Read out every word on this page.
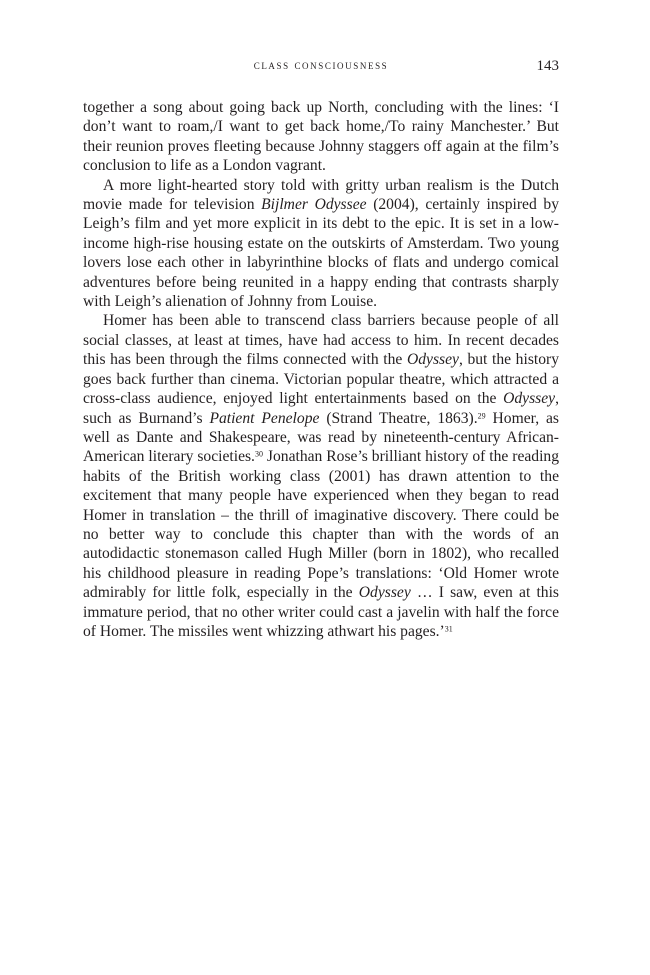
class consciousness	143

together a song about going back up North, concluding with the lines: ‘I don’t want to roam,/I want to get back home,/To rainy Manchester.’ But their reunion proves fleeting because Johnny staggers off again at the film’s conclusion to life as a London vagrant.

A more light-hearted story told with gritty urban realism is the Dutch movie made for television Bijlmer Odyssee (2004), certainly inspired by Leigh’s film and yet more explicit in its debt to the epic. It is set in a low-income high-rise housing estate on the outskirts of Amsterdam. Two young lovers lose each other in labyrinthine blocks of flats and undergo comical adventures before being reunited in a happy ending that contrasts sharply with Leigh’s alienation of Johnny from Louise.

Homer has been able to transcend class barriers because people of all social classes, at least at times, have had access to him. In recent decades this has been through the films connected with the Odyssey, but the history goes back further than cinema. Victorian popular theatre, which attracted a cross-class audience, enjoyed light entertainments based on the Odyssey, such as Burnand’s Patient Penelope (Strand Theatre, 1863).$^{29}$ Homer, as well as Dante and Shakespeare, was read by nineteenth-century African-American literary societies.$^{30}$ Jonathan Rose’s brilliant history of the reading habits of the British working class (2001) has drawn attention to the excitement that many people have experienced when they began to read Homer in translation – the thrill of imaginative discovery. There could be no better way to conclude this chapter than with the words of an autodidactic stonemason called Hugh Miller (born in 1802), who recalled his childhood pleasure in reading Pope’s translations: ‘Old Homer wrote admirably for little folk, especially in the Odyssey … I saw, even at this immature period, that no other writer could cast a javelin with half the force of Homer. The missiles went whizzing athwart his pages.’$^{31}$
